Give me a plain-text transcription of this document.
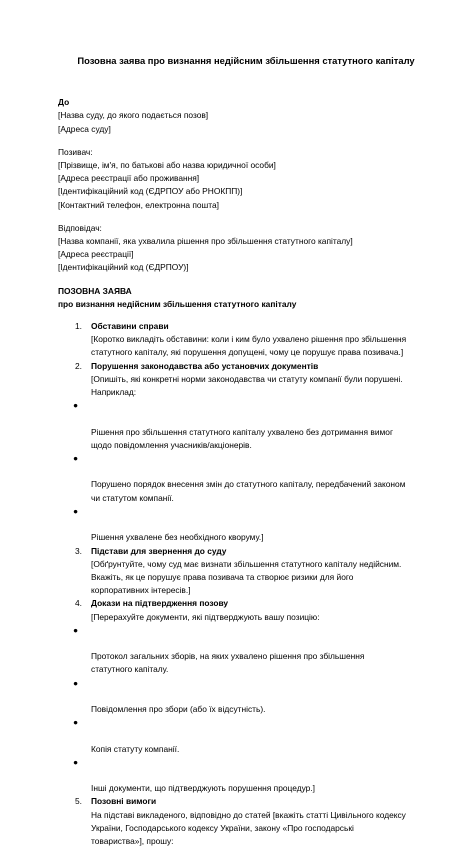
Позовна заява про визнання недійсним збільшення статутного капіталу
До
[Назва суду, до якого подається позов]
[Адреса суду]
Позивач:
[Прізвище, ім'я, по батькові або назва юридичної особи]
[Адреса реєстрації або проживання]
[Ідентифікаційний код (ЄДРПОУ або РНОКПП)]
[Контактний телефон, електронна пошта]
Відповідач:
[Назва компанії, яка ухвалила рішення про збільшення статутного капіталу]
[Адреса реєстрації]
[Ідентифікаційний код (ЄДРПОУ)]
ПОЗОВНА ЗАЯВА
про визнання недійсним збільшення статутного капіталу
1. Обставини справи
[Коротко викладіть обставини: коли і ким було ухвалено рішення про збільшення
статутного капіталу, які порушення допущені, чому це порушує права позивача.]
2. Порушення законодавства або установчих документів
[Опишіть, які конкретні норми законодавства чи статуту компанії були порушені.
Наприклад:

●

Рішення про збільшення статутного капіталу ухвалено без дотримання вимог
щодо повідомлення учасників/акціонерів.

●

Порушено порядок внесення змін до статутного капіталу, передбачений законом
чи статутом компанії.

●

Рішення ухвалене без необхідного кворуму.]

3. Підстави для звернення до суду
[Обґрунтуйте, чому суд має визнати збільшення статутного капіталу недійсним.
Вкажіть, як це порушує права позивача та створює ризики для його
корпоративних інтересів.]
4. Докази на підтвердження позову
[Перерахуйте документи, які підтверджують вашу позицію:

●

Протокол загальних зборів, на яких ухвалено рішення про збільшення
статутного капіталу.

●

Повідомлення про збори (або їх відсутність).

●

Копія статуту компанії.

●

Інші документи, що підтверджують порушення процедур.]

5. Позовні вимоги
На підставі викладеного, відповідно до статей [вкажіть статті Цивільного кодексу
України, Господарського кодексу України, закону «Про господарські
товариства»], прошу:
